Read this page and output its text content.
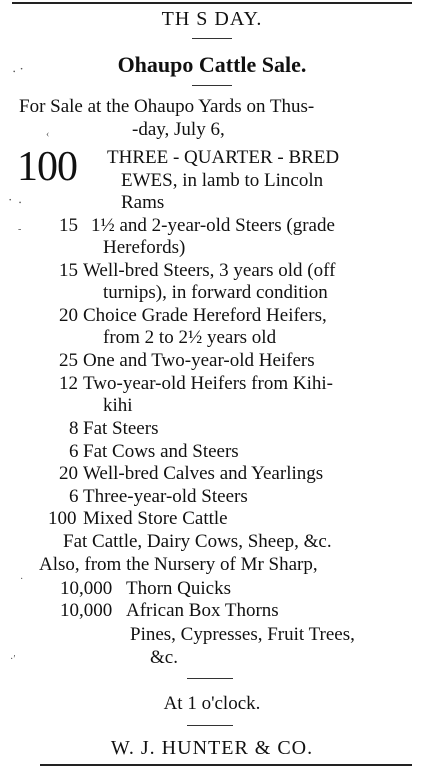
TH S DAY.
Ohaupo Cattle Sale.
For Sale at the Ohaupo Yards on Thus-
-day, July 6,
100 THREE - QUARTER - BRED
EWES, in lamb to Lincoln
Rams
15 1½ and 2-year-old Steers (grade
Herefords)
15 Well-bred Steers, 3 years old (off
turnips), in forward condition
20 Choice Grade Hereford Heifers,
from 2 to 2½ years old
25 One and Two-year-old Heifers
12 Two-year-old Heifers from Kihi-
kihi
8 Fat Steers
6 Fat Cows and Steers
20 Well-bred Calves and Yearlings
6 Three-year-old Steers
100 Mixed Store Cattle
Fat Cattle, Dairy Cows, Sheep, &c.
Also, from the Nursery of Mr Sharp,
10,000 Thorn Quicks
10,000 African Box Thorns
Pines, Cypresses, Fruit Trees,
&c.
At 1 o'clock.
W. J. HUNTER & CO.
⠄⠂
‹
⠂ ⠄
-
·
·′
